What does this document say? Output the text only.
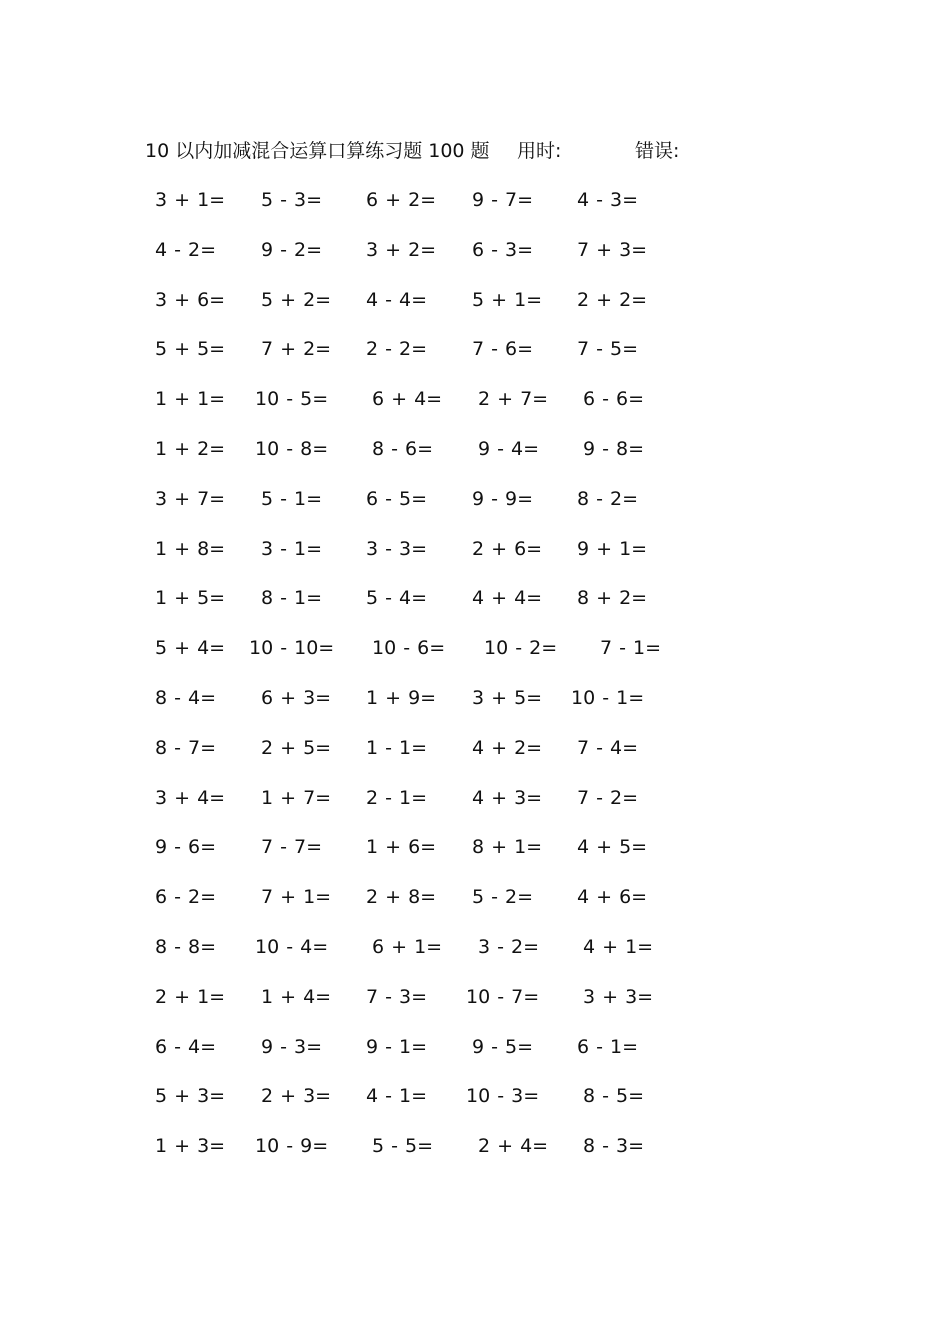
10 以内加减混合运算口算练习题 100 题 用时:	错误:
3 + 1= 5 - 3= 6 + 2= 9 - 7= 4 - 3=
4 - 2= 9 - 2= 3 + 2= 6 - 3= 7 + 3=
3 + 6= 5 + 2= 4 - 4= 5 + 1= 2 + 2=
5 + 5= 7 + 2= 2 - 2= 7 - 6= 7 - 5=
1 + 1= 10 - 5= 6 + 4= 2 + 7= 6 - 6=
1 + 2= 10 - 8= 8 - 6= 9 - 4= 9 - 8=
3 + 7= 5 - 1= 6 - 5= 9 - 9= 8 - 2=
1 + 8= 3 - 1= 3 - 3= 2 + 6= 9 + 1=
1 + 5= 8 - 1= 5 - 4= 4 + 4= 8 + 2=
5 + 4= 10 - 10= 10 - 6= 10 - 2= 7 - 1=
8 - 4= 6 + 3= 1 + 9= 3 + 5= 10 - 1=
8 - 7= 2 + 5= 1 - 1= 4 + 2= 7 - 4=
3 + 4= 1 + 7= 2 - 1= 4 + 3= 7 - 2=
9 - 6= 7 - 7= 1 + 6= 8 + 1= 4 + 5=
6 - 2= 7 + 1= 2 + 8= 5 - 2= 4 + 6=
8 - 8= 10 - 4= 6 + 1= 3 - 2= 4 + 1=
2 + 1= 1 + 4= 7 - 3= 10 - 7= 3 + 3=
6 - 4= 9 - 3= 9 - 1= 9 - 5= 6 - 1=
5 + 3= 2 + 3= 4 - 1= 10 - 3= 8 - 5=
1 + 3= 10 - 9= 5 - 5= 2 + 4= 8 - 3=
